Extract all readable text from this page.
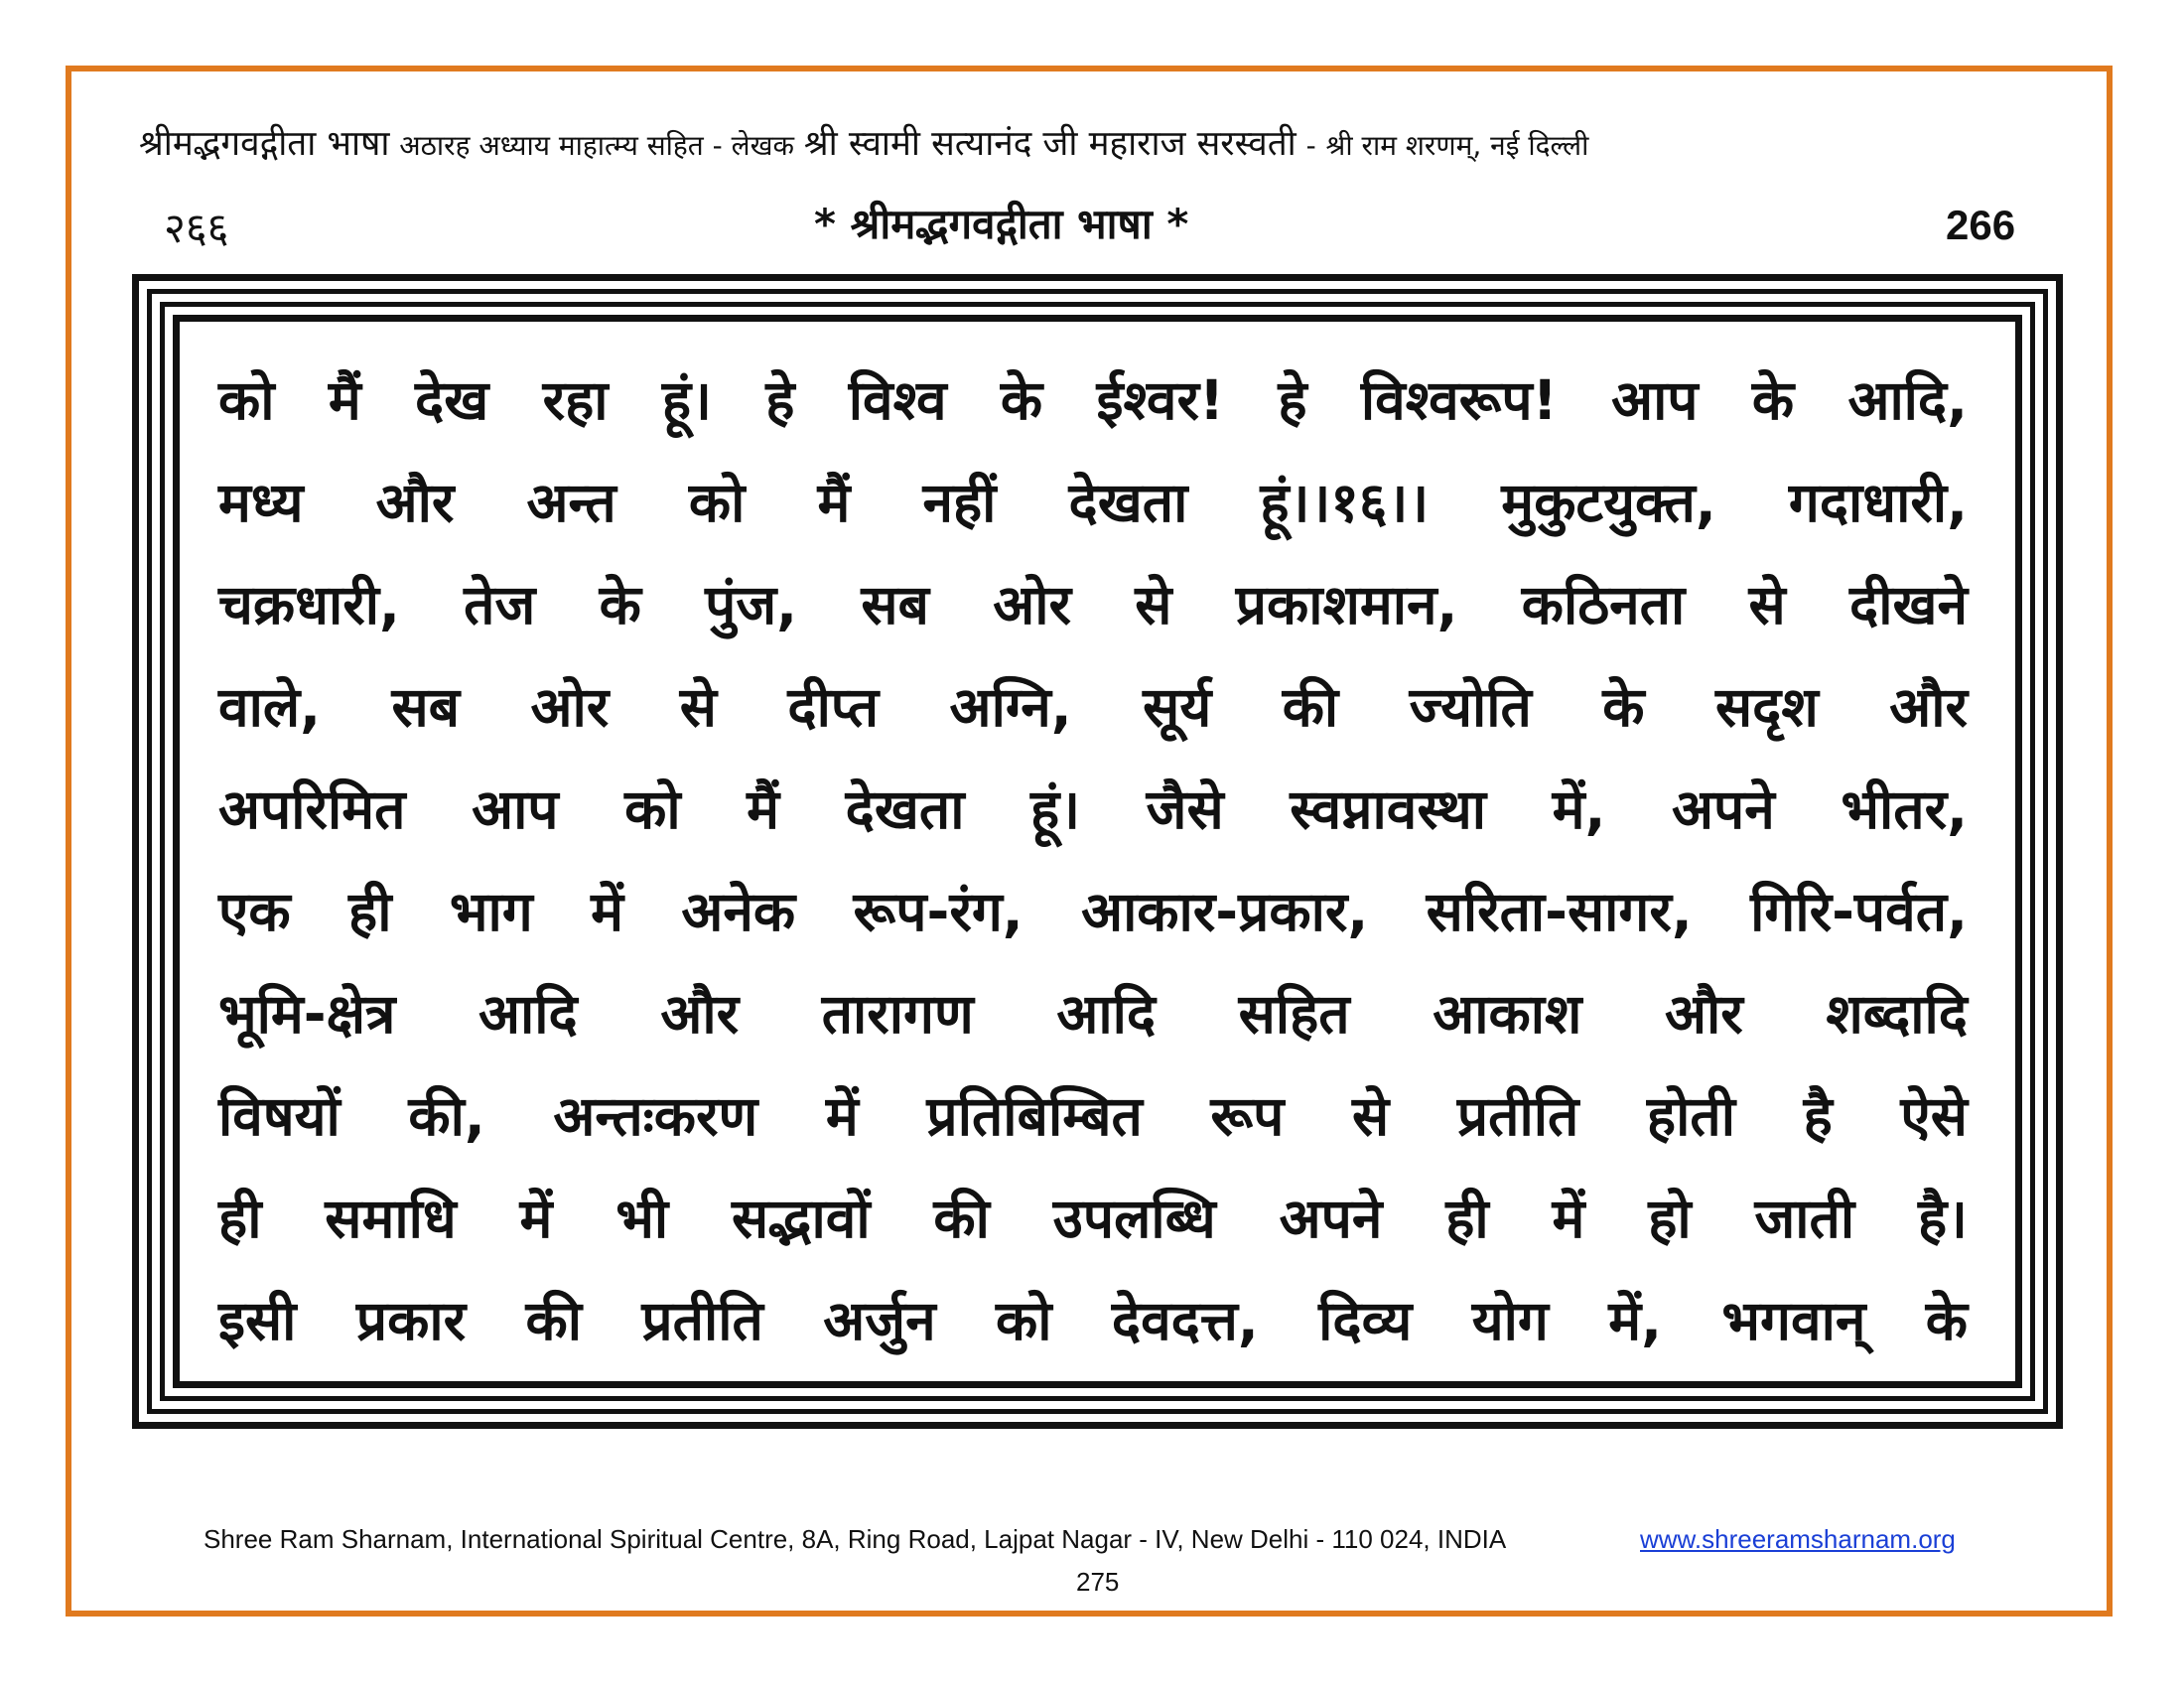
श्रीमद्भगवद्गीता भाषा अठारह अध्याय माहात्म्य सहित - लेखक श्री स्वामी सत्यानंद जी महाराज सरस्वती - श्री राम शरणम्, नई दिल्ली
२६६	* श्रीमद्भगवद्गीता भाषा *	266
को मैं देख रहा हूं। हे विश्व के ईश्वर! हे विश्वरूप! आप के आदि,
मध्य और अन्त को मैं नहीं देखता हूं।।१६।। मुकुटयुक्त, गदाधारी,
चक्रधारी, तेज के पुंज, सब ओर से प्रकाशमान, कठिनता से दीखने
वाले, सब ओर से दीप्त अग्नि, सूर्य की ज्योति के सदृश और
अपरिमित आप को मैं देखता हूं। जैसे स्वप्नावस्था में, अपने भीतर,
एक ही भाग में अनेक रूप-रंग, आकार-प्रकार, सरिता-सागर, गिरि-पर्वत,
भूमि-क्षेत्र आदि और तारागण आदि सहित आकाश और शब्दादि
विषयों की, अन्तःकरण में प्रतिबिम्बित रूप से प्रतीति होती है ऐसे
ही समाधि में भी सद्भावों की उपलब्धि अपने ही में हो जाती है।
इसी प्रकार की प्रतीति अर्जुन को देवदत्त, दिव्य योग में, भगवान् के
Shree Ram Sharnam, International Spiritual Centre, 8A, Ring Road, Lajpat Nagar - IV, New Delhi - 110 024, INDIA	www.shreeramsharnam.org
275
